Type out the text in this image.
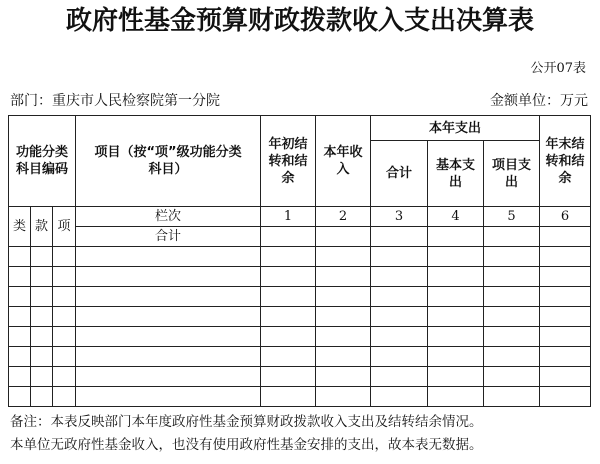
政府性基金预算财政拨款收入支出决算表
公开07表
部门：重庆市人民检察院第一分院	金额单位：万元
功能分类科目编码			项目（按“项”级功能分类科目）	年初结转和结余	本年收入	本年支出			年末结转和结余

						合计	基本支出	项目支出	

类	款	项	栏次	1	2	3	4	5	6
			合计						

备注：本表反映部门本年度政府性基金预算财政拨款收入支出及结转结余情况。
本单位无政府性基金收入，也没有使用政府性基金安排的支出，故本表无数据。
